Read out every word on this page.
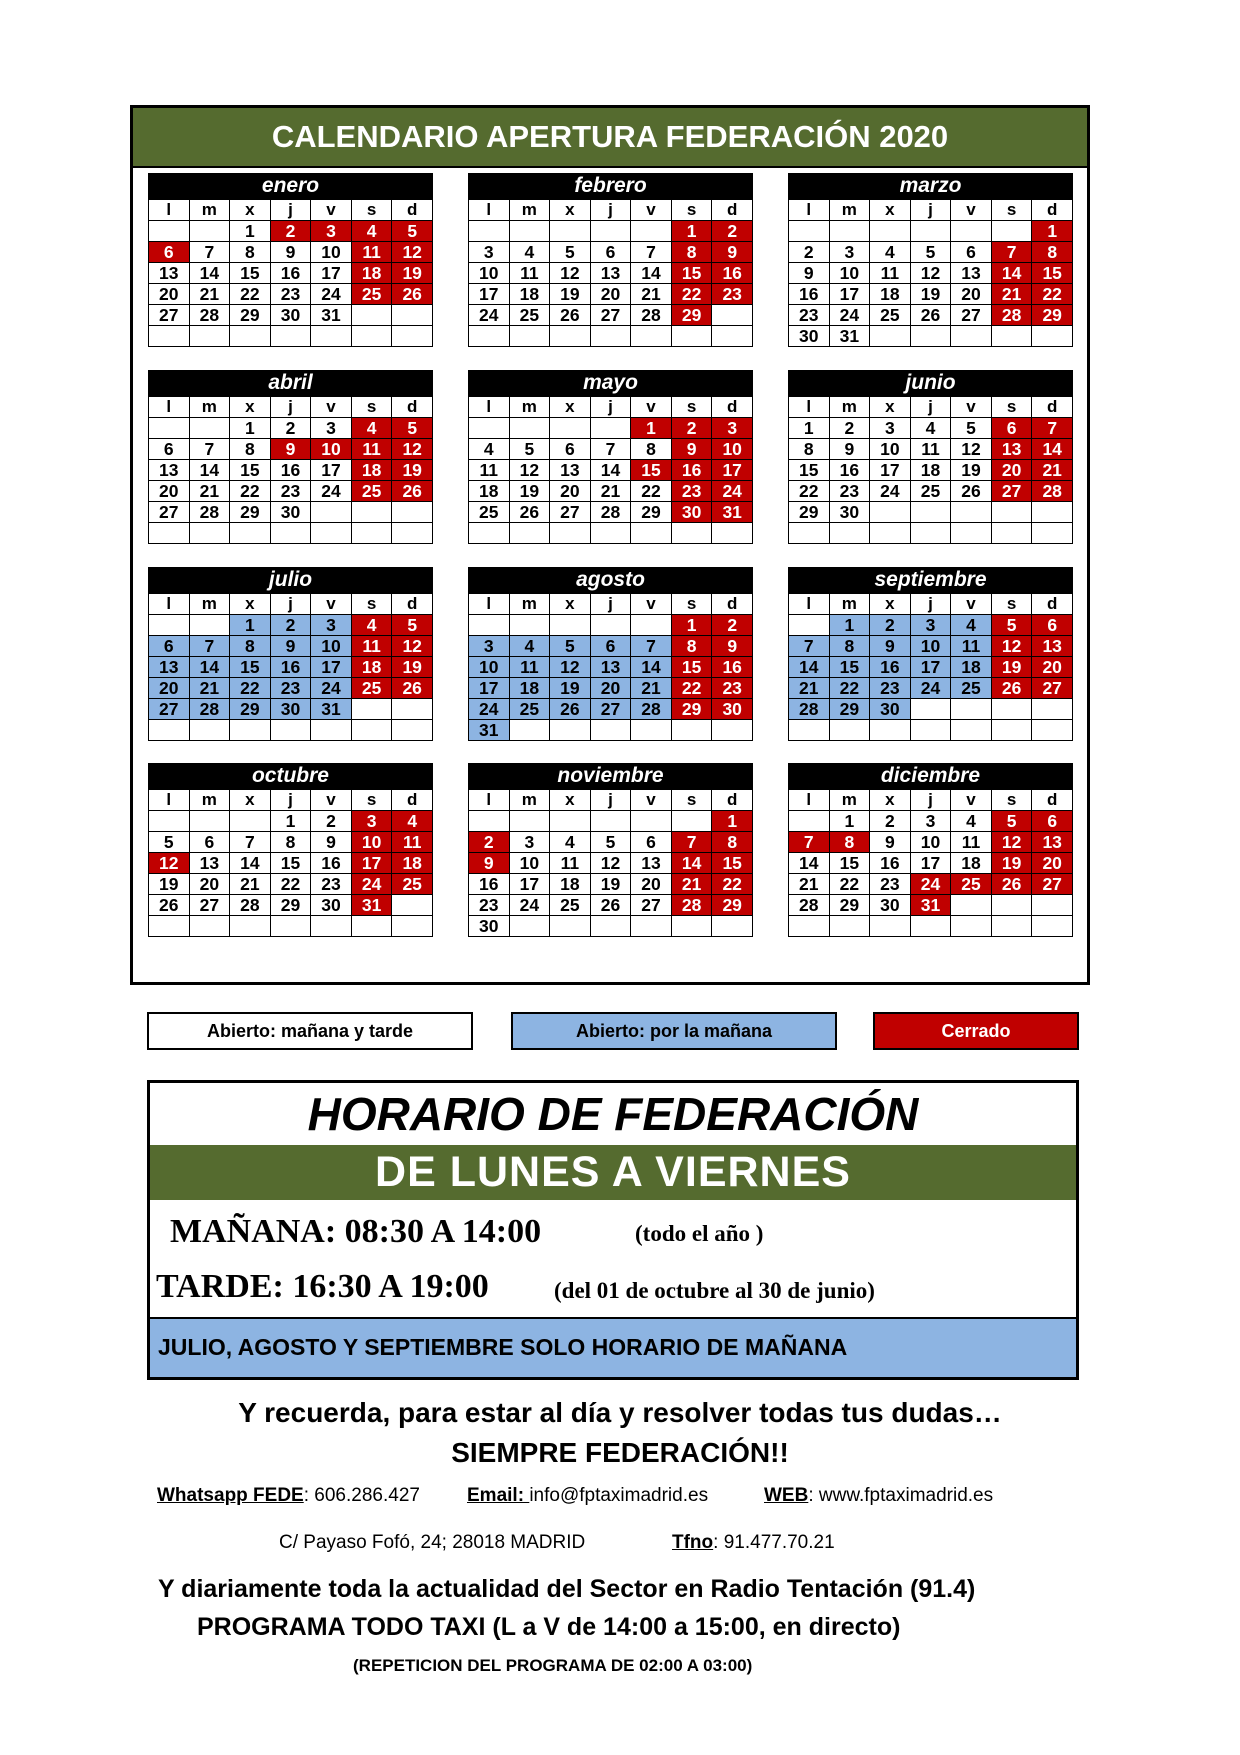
CALENDARIO APERTURA FEDERACIÓN 2020
enero
l	m	x	j	v	s	d
		1	2	3	4	5
6	7	8	9	10	11	12
13	14	15	16	17	18	19
20	21	22	23	24	25	26
27	28	29	30	31		

febrero
l	m	x	j	v	s	d
					1	2
3	4	5	6	7	8	9
10	11	12	13	14	15	16
17	18	19	20	21	22	23
24	25	26	27	28	29	

marzo
l	m	x	j	v	s	d
						1
2	3	4	5	6	7	8
9	10	11	12	13	14	15
16	17	18	19	20	21	22
23	24	25	26	27	28	29
30	31					
abril
l	m	x	j	v	s	d
		1	2	3	4	5
6	7	8	9	10	11	12
13	14	15	16	17	18	19
20	21	22	23	24	25	26
27	28	29	30			

mayo
l	m	x	j	v	s	d
				1	2	3
4	5	6	7	8	9	10
11	12	13	14	15	16	17
18	19	20	21	22	23	24
25	26	27	28	29	30	31

junio
l	m	x	j	v	s	d
1	2	3	4	5	6	7
8	9	10	11	12	13	14
15	16	17	18	19	20	21
22	23	24	25	26	27	28
29	30					

julio
l	m	x	j	v	s	d
		1	2	3	4	5
6	7	8	9	10	11	12
13	14	15	16	17	18	19
20	21	22	23	24	25	26
27	28	29	30	31		

agosto
l	m	x	j	v	s	d
					1	2
3	4	5	6	7	8	9
10	11	12	13	14	15	16
17	18	19	20	21	22	23
24	25	26	27	28	29	30
31						
septiembre
l	m	x	j	v	s	d
	1	2	3	4	5	6
7	8	9	10	11	12	13
14	15	16	17	18	19	20
21	22	23	24	25	26	27
28	29	30				

octubre
l	m	x	j	v	s	d
			1	2	3	4
5	6	7	8	9	10	11
12	13	14	15	16	17	18
19	20	21	22	23	24	25
26	27	28	29	30	31	

noviembre
l	m	x	j	v	s	d
						1
2	3	4	5	6	7	8
9	10	11	12	13	14	15
16	17	18	19	20	21	22
23	24	25	26	27	28	29
30						
diciembre
l	m	x	j	v	s	d
	1	2	3	4	5	6
7	8	9	10	11	12	13
14	15	16	17	18	19	20
21	22	23	24	25	26	27
28	29	30	31			

Abierto: mañana y tarde	Abierto: por la mañana	Cerrado
HORARIO DE FEDERACIÓN
DE LUNES A VIERNES
MAÑANA: 08:30 A 14:00	(todo el año )
TARDE: 16:30 A 19:00	(del 01 de octubre al 30 de junio)
JULIO, AGOSTO Y SEPTIEMBRE SOLO HORARIO DE MAÑANA
Y recuerda, para estar al día y resolver todas tus dudas…
SIEMPRE FEDERACIÓN!!
Whatsapp FEDE: 606.286.427 Email: info@fptaximadrid.es	WEB: www.fptaximadrid.es
C/ Payaso Fofó, 24; 28018 MADRID	Tfno: 91.477.70.21
Y diariamente toda la actualidad del Sector en Radio Tentación (91.4)
PROGRAMA TODO TAXI (L a V de 14:00 a 15:00, en directo)
(REPETICION DEL PROGRAMA DE 02:00 A 03:00)
